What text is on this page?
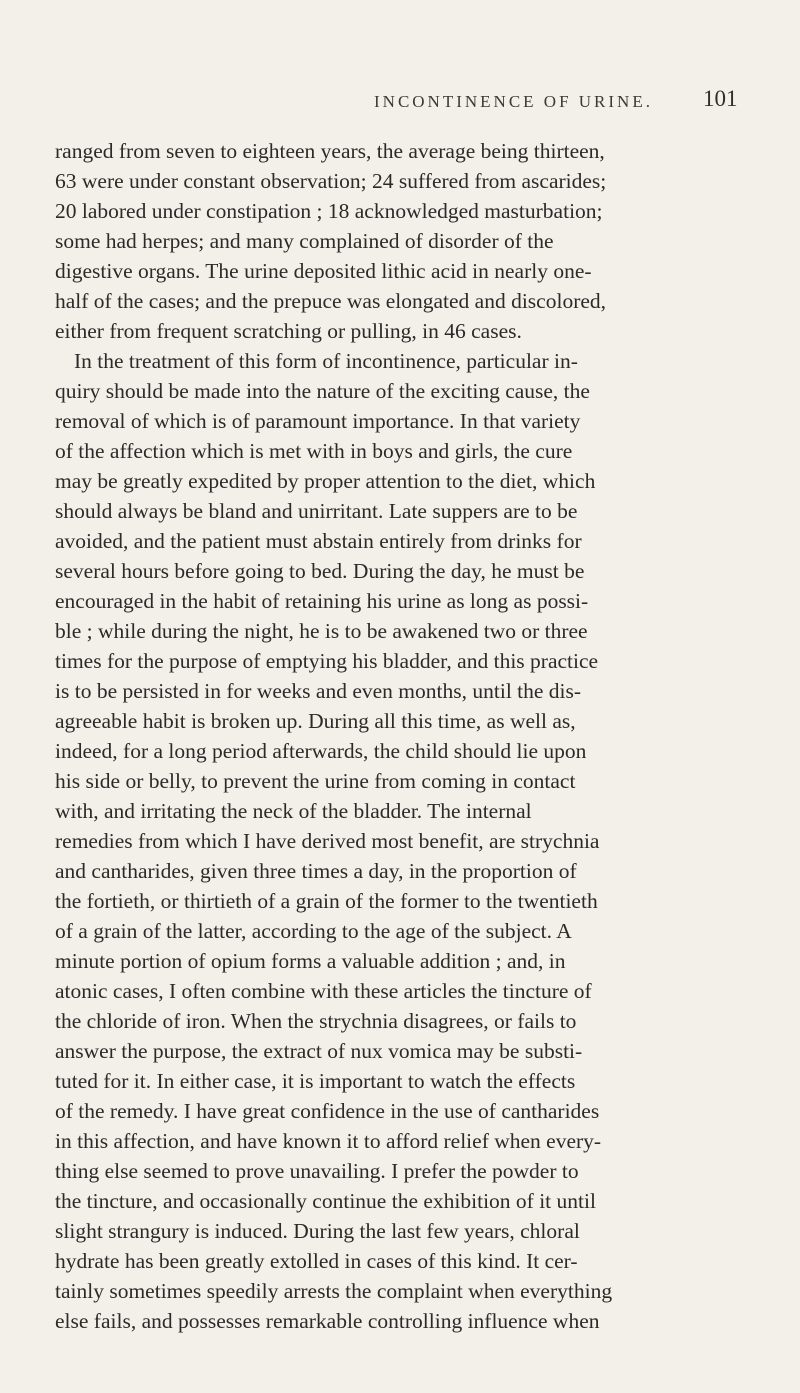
INCONTINENCE OF URINE. 101
ranged from seven to eighteen years, the average being thirteen,
63 were under constant observation; 24 suffered from ascarides;
20 labored under constipation ; 18 acknowledged masturbation;
some had herpes; and many complained of disorder of the
digestive organs. The urine deposited lithic acid in nearly one-
half of the cases; and the prepuce was elongated and discolored,
either from frequent scratching or pulling, in 46 cases.
In the treatment of this form of incontinence, particular in-
quiry should be made into the nature of the exciting cause, the
removal of which is of paramount importance. In that variety
of the affection which is met with in boys and girls, the cure
may be greatly expedited by proper attention to the diet, which
should always be bland and unirritant. Late suppers are to be
avoided, and the patient must abstain entirely from drinks for
several hours before going to bed. During the day, he must be
encouraged in the habit of retaining his urine as long as possi-
ble ; while during the night, he is to be awakened two or three
times for the purpose of emptying his bladder, and this practice
is to be persisted in for weeks and even months, until the dis-
agreeable habit is broken up. During all this time, as well as,
indeed, for a long period afterwards, the child should lie upon
his side or belly, to prevent the urine from coming in contact
with, and irritating the neck of the bladder. The internal
remedies from which I have derived most benefit, are strychnia
and cantharides, given three times a day, in the proportion of
the fortieth, or thirtieth of a grain of the former to the twentieth
of a grain of the latter, according to the age of the subject. A
minute portion of opium forms a valuable addition ; and, in
atonic cases, I often combine with these articles the tincture of
the chloride of iron. When the strychnia disagrees, or fails to
answer the purpose, the extract of nux vomica may be substi-
tuted for it. In either case, it is important to watch the effects
of the remedy. I have great confidence in the use of cantharides
in this affection, and have known it to afford relief when every-
thing else seemed to prove unavailing. I prefer the powder to
the tincture, and occasionally continue the exhibition of it until
slight strangury is induced. During the last few years, chloral
hydrate has been greatly extolled in cases of this kind. It cer-
tainly sometimes speedily arrests the complaint when everything
else fails, and possesses remarkable controlling influence when
